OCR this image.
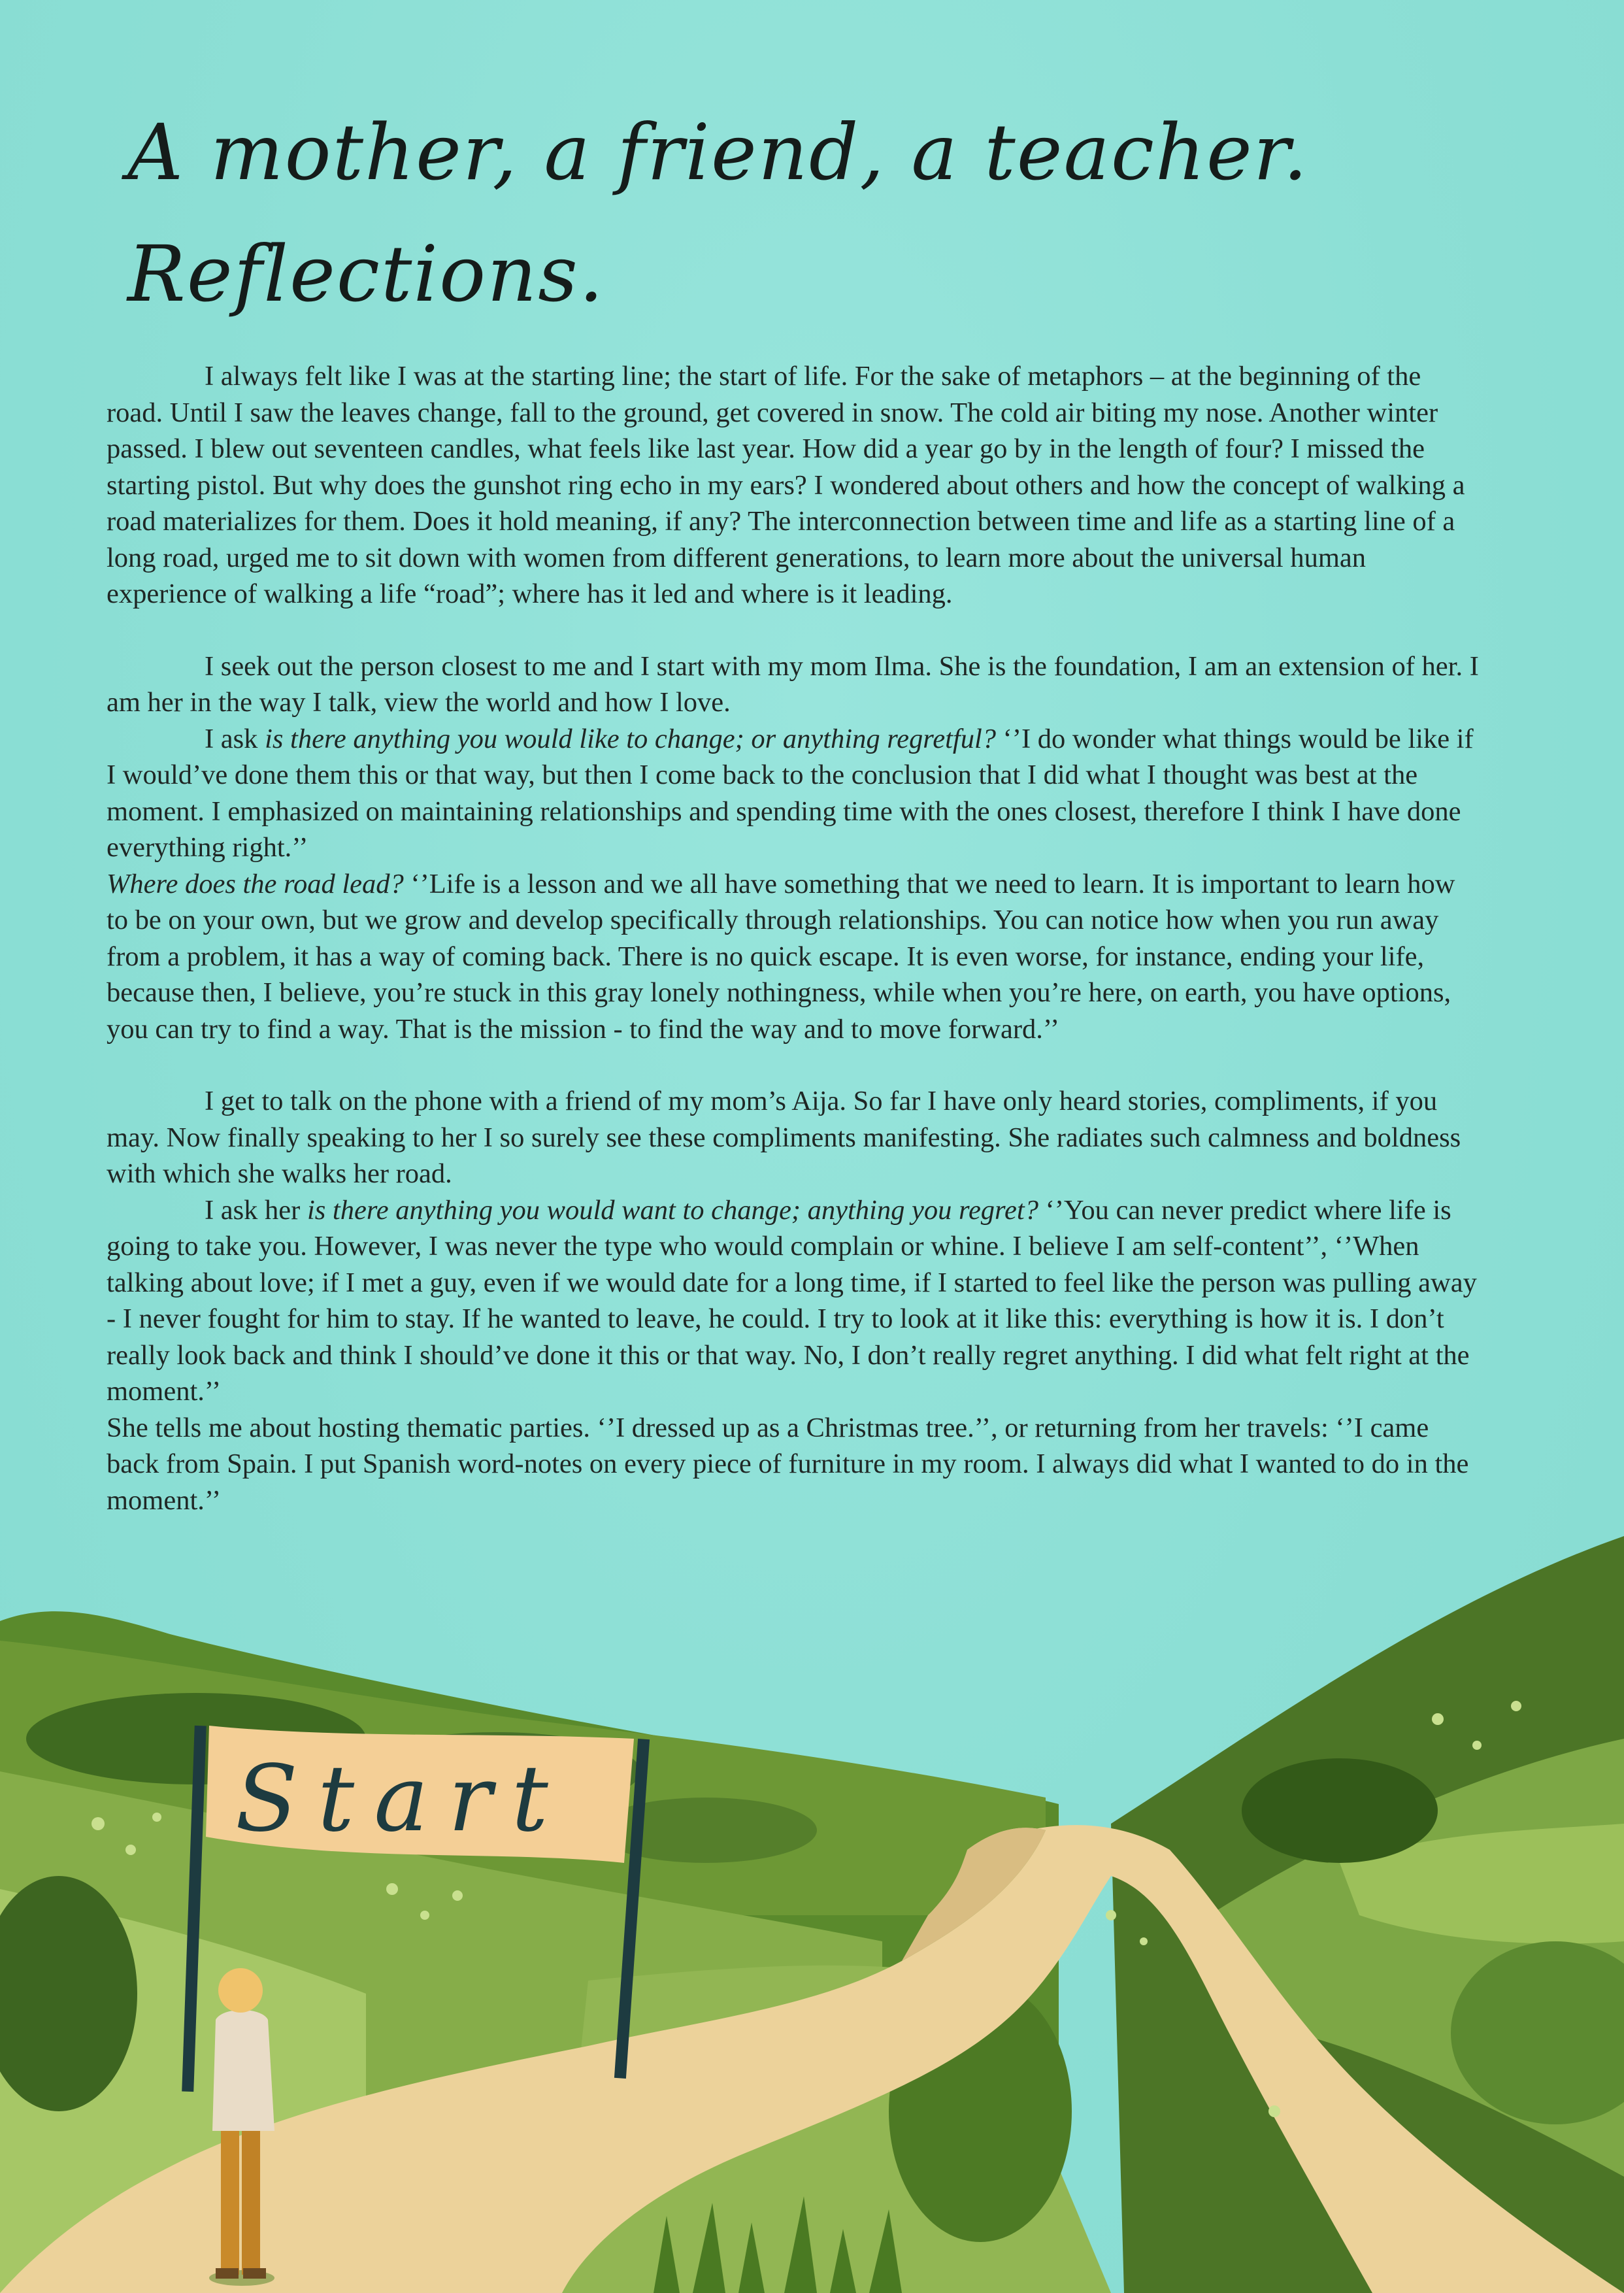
A mother, a friend, a teacher.
Reflections.

I always felt like I was at the starting line; the start of life. For the sake of metaphors – at the beginning of the road. Until I saw the leaves change, fall to the ground, get covered in snow. The cold air biting my nose. Another winter passed. I blew out seventeen candles, what feels like last year. How did a year go by in the length of four? I missed the starting pistol. But why does the gunshot ring echo in my ears? I wondered about others and how the concept of walking a road materializes for them. Does it hold meaning, if any? The interconnection between time and life as a starting line of a long road, urged me to sit down with women from different generations, to learn more about the universal human experience of walking a life “road”; where has it led and where is it leading.

I seek out the person closest to me and I start with my mom Ilma. She is the foundation, I am an extension of her. I am her in the way I talk, view the world and how I love.

I ask is there anything you would like to change; or anything regretful? ‘’I do wonder what things would be like if I would’ve done them this or that way, but then I come back to the conclusion that I did what I thought was best at the moment. I emphasized on maintaining relationships and spending time with the ones closest, therefore I think I have done everything right.’’

Where does the road lead? ‘’Life is a lesson and we all have something that we need to learn. It is important to learn how to be on your own, but we grow and develop specifically through relationships. You can notice how when you run away from a problem, it has a way of coming back. There is no quick escape. It is even worse, for instance, ending your life, because then, I believe, you’re stuck in this gray lonely nothingness, while when you’re here, on earth, you have options, you can try to find a way. That is the mission - to find the way and to move forward.’’

I get to talk on the phone with a friend of my mom’s Aija. So far I have only heard stories, compliments, if you may. Now finally speaking to her I so surely see these compliments manifesting. She radiates such calmness and boldness with which she walks her road.

I ask her is there anything you would want to change; anything you regret? ‘’You can never predict where life is going to take you. However, I was never the type who would complain or whine. I believe I am self-content’’, ‘’When talking about love; if I met a guy, even if we would date for a long time, if I started to feel like the person was pulling away - I never fought for him to stay. If he wanted to leave, he could. I try to look at it like this: everything is how it is. I don’t really look back and think I should’ve done it this or that way. No, I don’t really regret anything. I did what felt right at the moment.’’

She tells me about hosting thematic parties. ‘’I dressed up as a Christmas tree.’’, or returning from her travels: ‘’I came back from Spain. I put Spanish word-notes on every piece of furniture in my room. I always did what I wanted to do in the moment.’’

Start
